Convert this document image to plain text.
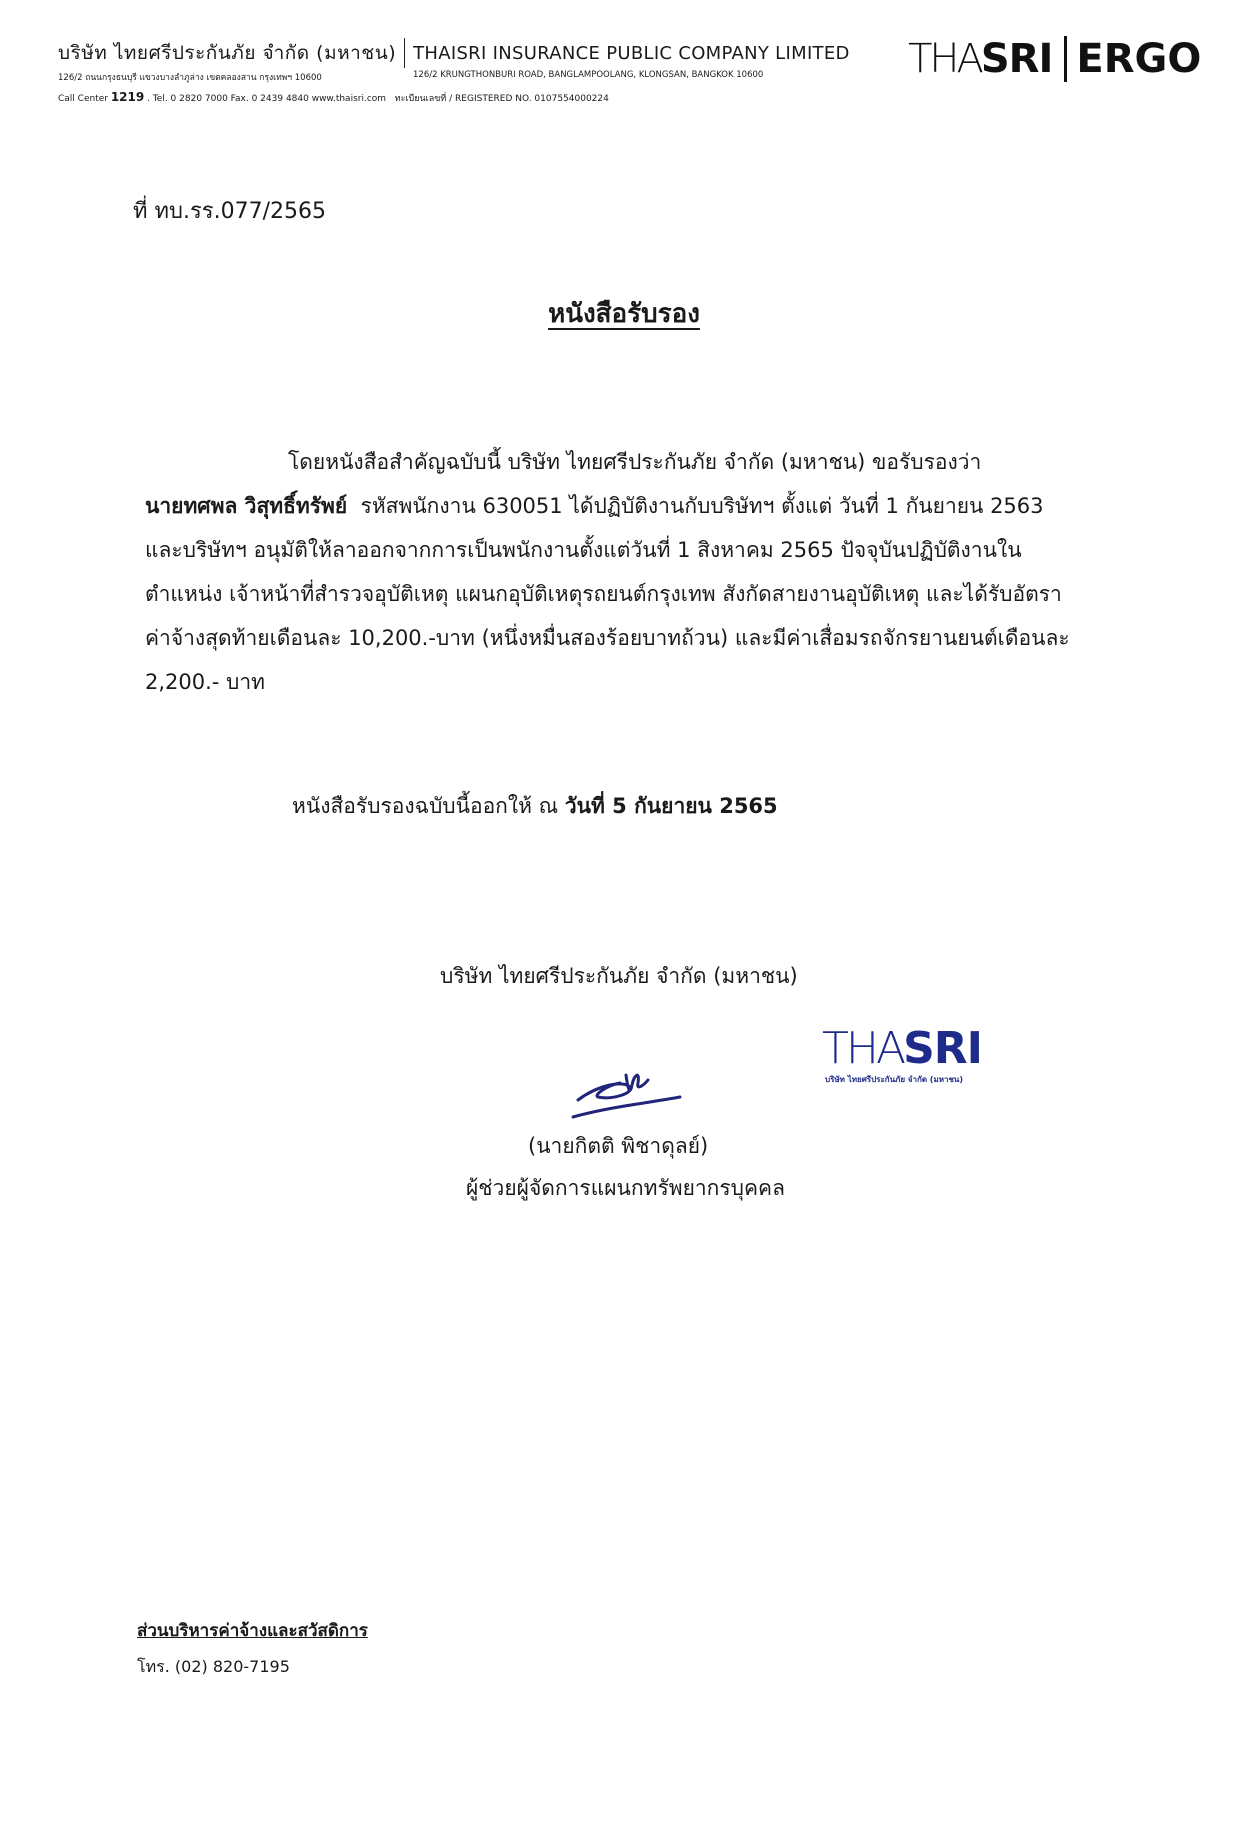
บริษัท ไทยศรีประกันภัย จำกัด (มหาชน) THAISRI INSURANCE PUBLIC COMPANY LIMITED
126/2 ถนนกรุงธนบุรี แขวงบางลำภูล่าง เขตคลองสาน กรุงเทพฯ 10600	126/2 KRUNGTHONBURI ROAD, BANGLAMPOOLANG, KLONGSAN, BANGKOK 10600
Call Center 1219 . Tel. 0 2820 7000 Fax. 0 2439 4840 www.thaisri.com ทะเบียนเลขที่ / REGISTERED NO. 0107554000224
THA SRI ERGO
ที่ ทบ.รร.077/2565
หนังสือรับรอง
โดยหนังสือสำคัญฉบับนี้ บริษัท ไทยศรีประกันภัย จำกัด (มหาชน) ขอรับรองว่า
นายทศพล วิสุทธิ์ทรัพย์ รหัสพนักงาน 630051 ได้ปฏิบัติงานกับบริษัทฯ ตั้งแต่ วันที่ 1 กันยายน 2563
และบริษัทฯ อนุมัติให้ลาออกจากการเป็นพนักงานตั้งแต่วันที่ 1 สิงหาคม 2565 ปัจจุบันปฏิบัติงานใน
ตำแหน่ง เจ้าหน้าที่สำรวจอุบัติเหตุ แผนกอุบัติเหตุรถยนต์กรุงเทพ สังกัดสายงานอุบัติเหตุ และได้รับอัตรา
ค่าจ้างสุดท้ายเดือนละ 10,200.-บาท (หนึ่งหมื่นสองร้อยบาทถ้วน) และมีค่าเสื่อมรถจักรยานยนต์เดือนละ
2,200.- บาท
หนังสือรับรองฉบับนี้ออกให้ ณ วันที่ 5 กันยายน 2565
บริษัท ไทยศรีประกันภัย จำกัด (มหาชน)
THASRI
บริษัท ไทยศรีประกันภัย จำกัด (มหาชน)
(นายกิตติ พิชาดุลย์)
ผู้ช่วยผู้จัดการแผนกทรัพยากรบุคคล
ส่วนบริหารค่าจ้างและสวัสดิการ
โทร. (02) 820-7195
